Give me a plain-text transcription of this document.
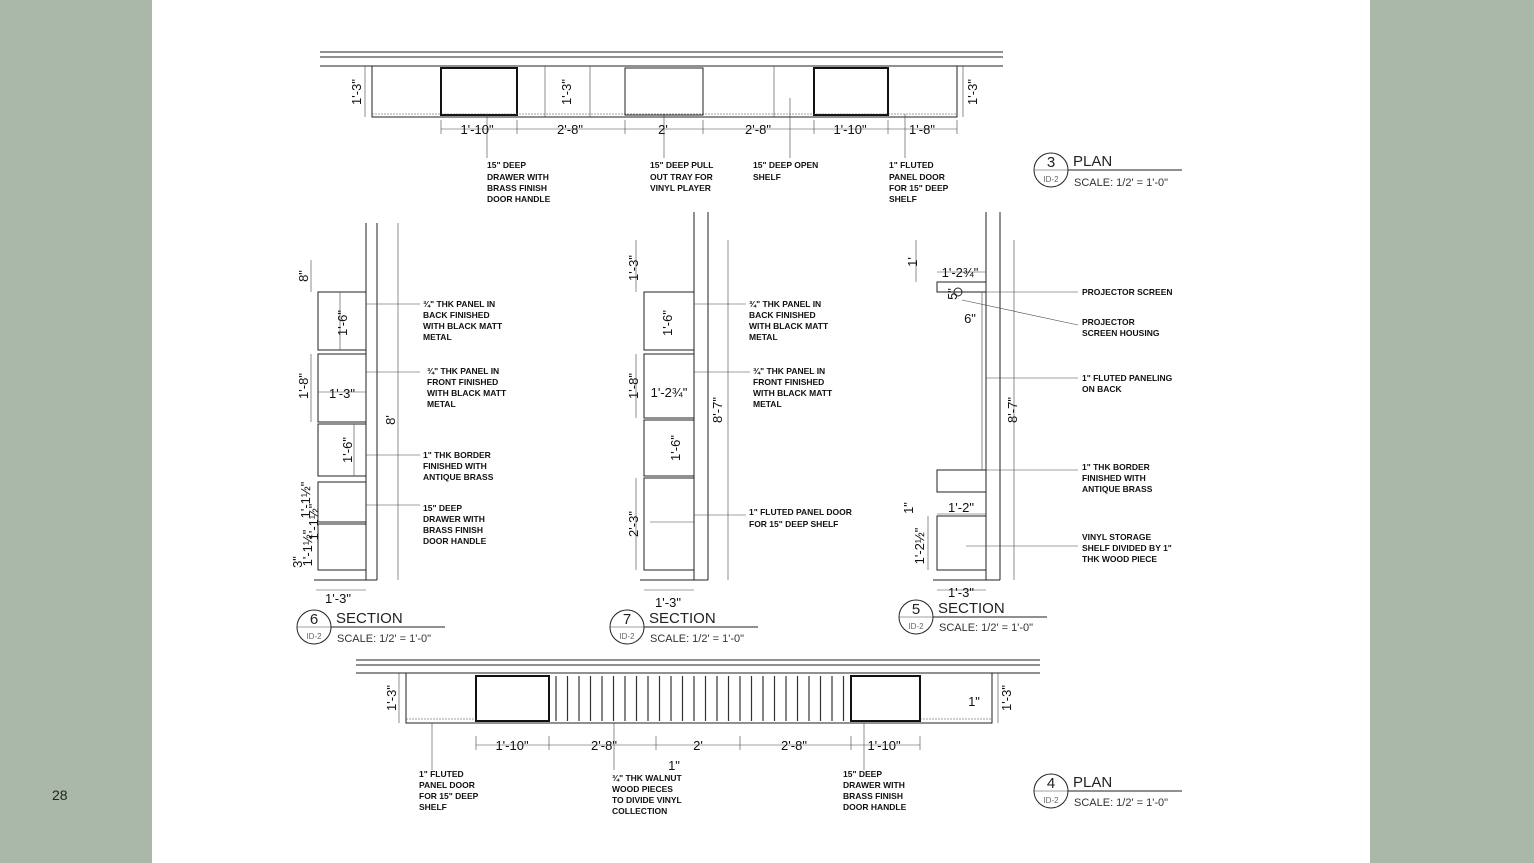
28
1'-3"	1'-3"	1'-3"
1'-10"	2'-8"	2'	2'-8"	1'-10"	1'-8"
15" DEEP
DRAWER WITH
BRASS FINISH
DOOR HANDLE
15" DEEP PULL
OUT TRAY FOR
VINYL PLAYER
15" DEEP OPEN
SHELF
1" FLUTED
PANEL DOOR
FOR 15" DEEP
SHELF
3
ID-2
PLAN
SCALE: 1/2' = 1'-0"
8"
1'-6"
1'-8" 1'-3"
1'-6"
8'
1'-1½"
1'-1½"
3"
1'-1½"
1'-3"
¾" THK PANEL IN
BACK FINISHED
WITH BLACK MATT
METAL
¾" THK PANEL IN
FRONT FINISHED
WITH BLACK MATT
METAL
1" THK BORDER
FINISHED WITH
ANTIQUE BRASS
15" DEEP
DRAWER WITH
BRASS FINISH
DOOR HANDLE
6
ID-2
SECTION
SCALE: 1/2' = 1'-0"
1'-3"
1'-6"
1'-8" 1'-2¾"
1'-6"
8'-7"
2'-3"
1'-3"
¾" THK PANEL IN
BACK FINISHED
WITH BLACK MATT
METAL
¾" THK PANEL IN
FRONT FINISHED
WITH BLACK MATT
METAL
1" FLUTED PANEL DOOR
FOR 15" DEEP SHELF
7
ID-2
SECTION
SCALE: 1/2' = 1'-0"
1'
1'-2¾"
5"
6"
8'-7"
1" 1'-2"
1'-2½"
1'-3"
PROJECTOR SCREEN
PROJECTOR
SCREEN HOUSING
1" FLUTED PANELING
ON BACK
1" THK BORDER
FINISHED WITH
ANTIQUE BRASS
VINYL STORAGE
SHELF DIVIDED BY 1"
THK WOOD PIECE
5
ID-2
SECTION
SCALE: 1/2' = 1'-0"
1'-3"	1'-3"
1'-10"	2'-8"	2'	2'-8"	1'-10"
1"
1"
1" FLUTED
PANEL DOOR
FOR 15" DEEP
SHELF
¾" THK WALNUT
WOOD PIECES
TO DIVIDE VINYL
COLLECTION
15" DEEP
DRAWER WITH
BRASS FINISH
DOOR HANDLE
4
ID-2
PLAN
SCALE: 1/2' = 1'-0"
